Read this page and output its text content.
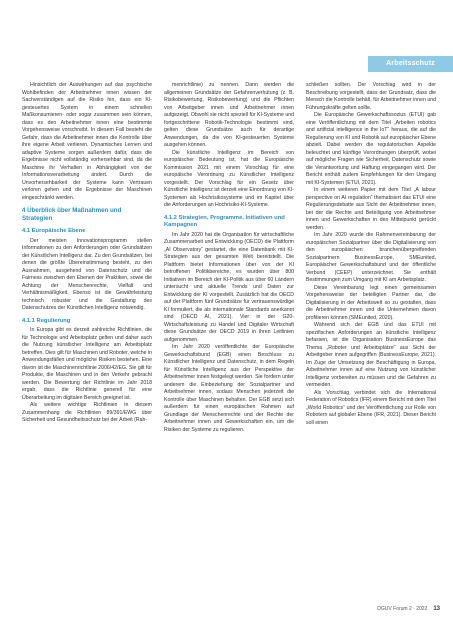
Arbeitsschutz

Hinsichtlich der Auswirkungen auf das psychische Wohlbefinden der Arbeitnehmer innen wissen der Sachverständigen auf die Risiko hin, dass ein KI-gesteuertes System in einem schnellen Maßkonsumieren- oder sogar zusammen sein können, dass es den Arbeitnehmer innen eine bestimmte Vorgehensweise vorschreibt. In diesem Fall besteht die Gefahr, dass die Arbeitnehmer innen die Kontrolle über ihre eigene Arbeit verlieren. Dynamisches Lernen und adaptive Systeme sorgen außerdem dafür, dass die Ergebnisse nicht vollständig vorhersehbar sind, da die Maschine ihr Verhalten in Abhängigkeit von der Informationsverarbeitung ändert. Durch die Unvorhersehbarkeit der Systeme kann Vertrauen verloren gehen und die Ergebnisse der Maschinen eingeschränkt werden.

4 Überblick über Maßnahmen und Strategien

4.1 Europäische Ebene

Der meisten Innovationsprogramm stellen Informationen zu den Anforderungen oder Grundsätzen der Künstlichen Intelligenz dar. Zu den Grundsätzen, bei denen die größte Übereinstimmung besteht, zu den Ausnahmen, ausgehend von Datenschutz und die Fairness zwischen den Ebenen der Praktiken, sowie die Achtung der Menschenrechte, Vielfalt und Verhältnismäßigkeit. Ebenso ist die Gewährleistung technisch robuster und die Gestaltung des Datenschutzes der Künstlichen Intelligenz notwendig.

4.1.1 Regulierung

In Europa gibt es derzeit zahlreiche Richtlinien, die für Technologie und Arbeitsplatz gelten und daher auch die Nutzung künstlicher Intelligenz am Arbeitsplatz betreffen. Dies gilt für Maschinen und Roboter, welche in Anwendungsfällen und mögliche Risiken bestehen. Eine davon ist die Maschinenrichtlinie 2006/42/EG. Sie gilt für Produkte, die Maschinen und in den Verkehr gebracht werden. Die Bewertung der Richtlinie im Jahr 2018 ergab, dass die Richtlinie generell für eine Überarbeitung im digitalen Bereich geeignet ist.

Als weitere wichtige Richtlinien in diesem Zusammenhang die Richtlinien 89/391/EWG über Sicherheit und Gesundheitsschutz bei der Arbeit (Rah-

menrichtlinie) zu nennen. Dann werden die allgemeinen Grundsätze der Gefahrenverhütung (z. B. Risikobewertung, Risikobewertung) und die Pflichten von Arbeitgeber innen und Arbeitnehmer innen aufgezeigt. Obwohl sie nicht speziell für KI-Systeme und fortgeschrittene Robotik-Technologie bestimmt sind, gelten diese Grundsätze auch für derartige Anwendungen, da die von KI-gesteuerten Systeme ausgehen können.

Die künstliche Intelligenz im Bereich von europäischer Bedeutung ist, hat die Europäische Kommission 2021 mit einem Vorschlag für eine europäische Verordnung zu Künstlicher Intelligenz vorgestellt. Der Vorschlag für ein Gesetz über Künstliche Intelligenz ist derzeit eine Einordnung von KI-Systemen als Hochrisikosysteme und im Kapitel über die Anforderungen an Hochrisiko-KI-Systeme.

4.1.2 Strategien, Programme, Initiativen und Kampagnen

Im Jahr 2020 hat die Organisation für wirtschaftliche Zusammenarbeit und Entwicklung (OECD) die Plattform „AI Observatory“ gestartet, die eine Datenbank mit KI-Strategien aus der gesamten Welt bereitstellt. Die Plattform bietet Informationen über von der KI betroffenen Politikbereiche, es wurden über 800 Initiativen im Bereich der KI-Politik aus über 60 Ländern untersucht und aktuelle Trends und Daten zur Entwicklung der KI vorgestellt. Zusätzlich hat die OECD auf der Plattform fünf Grundsätze für vertrauenswürdige KI formuliert, die als internationale Standards anerkannt sind (OECD AI, 2021). Vier in der G20-Wirtschaftsleistung zu Handel und Digitaler Wirtschaft diese Grundsätze der OECD 2019 in ihren Leitlinien aufgenommen.

Im Jahr 2020 veröffentlichte der Europäische Gewerkschaftsbund (EGB) einen Beschluss zu Künstlicher Intelligenz und Datenschutz, in dem Regeln für Künstliche Intelligenz aus der Perspektive der Arbeitnehmer innen festgelegt werden. Sie fordern unter anderem die Einbeziehung der Sozialpartner und Arbeitnehmer innen, sodass Menschen jederzeit die Kontrolle über Maschinen behalten. Der EGB setzt sich außerdem für einen europäischen Rahmen auf Grundlage der Menschenrechte und der Rechte der Arbeitnehmer innen und Gewerkschaften ein, um die Risiken der Systeme zu regulieren.

schließen sollten. Der Vorschlag wird in der Beschreibung vorgestellt, dass der Grundsatz, dass die Mensch die Kontrolle behält, für Arbeitnehmer innen und Führungskräfte gelten sollte.

Die Europäische Gewerkschaftssozius (ETUI) gab eine Veröffentlichung mit dem Titel „Arbeiten robotics and artificial intelligence in the IoT“ heraus, die auf die Regulierung von KI und Robotik auf europäischer Ebene abzielt. Dabei werden die regulatorischen Aspekte beleuchtet und künftige Verordnungen überprüft, wobei auf mögliche Fragen wie Sicherheit, Datenschutz sowie die Verantwortung und Haftung eingegangen wird. Der Bericht enthält zudem Empfehlungen für den Umgang mit KI-Systemen (ETUI, 2021).

In einem weiteren Papier mit dem Titel „A labour perspective on AI regulation“ thematisiert das ETUI eine Regulierungsdebatte aus Sicht der Arbeitnehmer innen, bei der die Rechte und Beteiligung von Arbeitnehmer innen und Gewerkschaften in den Mittelpunkt gerückt werden.

Im Jahr 2020 wurde die Rahmenvereinbarung der europäischen Sozialpartner über die Digitalisierung von den europäischen branchenübergreifenden Sozialpartnern BusinessEurope, SMEunited, Europäischer Gewerkschaftsbund und der öffentliche Verbund (CEEP) unterzeichnet. Sie enthält Bestimmungen zum Umgang mit KI am Arbeitsplatz.

Diese Vereinbarung legt einen gemeinsamen Vorgehensweise der beteiligten Partner dar, die Digitalisierung in der Arbeitswelt so zu gestalten, dass die Arbeitnehmer innen und die Unternehmen davon profitieren können (SMEunited, 2020).

Während sich der EGB und das ETUI mit spezifischen Anforderungen an künstliche Intelligenz befassen, ist die Organisation BusinessEurope das Thema „Roboter und Arbeitsplätze“ aus Sicht der Arbeitgeber innen aufgegriffen (BusinessEurope, 2021). Im Zuge der Umsetzung der Beschäftigung in Europa, Arbeitnehmer innen auf eine Nutzung von künstlicher Intelligenz vorbereiten zu müssen und die Gefahren zu vermeiden.

Als Vorschlag verbindet sich die International Federation of Robotics (IFR) einem Bericht mit dem Titel „World Robotics“ und der Veröffentlichung zur Rolle von Robotern auf globaler Ebene (IFR, 2021). Dieser Bericht soll einen

DGUV Forum 2 · 2022 13
